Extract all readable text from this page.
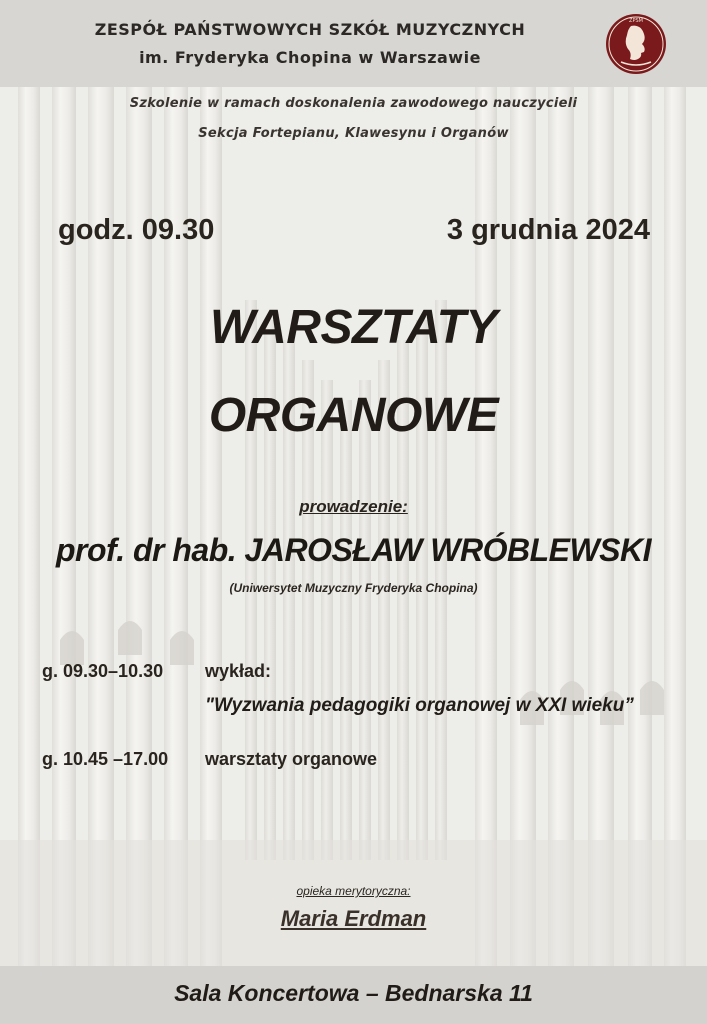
ZESPÓŁ PAŃSTWOWYCH SZKÓŁ MUZYCZNYCH
im. Fryderyka Chopina w Warszawie
ZPSM
Szkolenie w ramach doskonalenia zawodowego nauczycieli
Sekcja Fortepianu, Klawesynu i Organów
godz. 09.30	3 grudnia 2024
WARSZTATY
ORGANOWE
prowadzenie:
prof. dr hab. JAROSŁAW WRÓBLEWSKI
(Uniwersytet Muzyczny Fryderyka Chopina)
g. 09.30–10.30 wykład:
"Wyzwania pedagogiki organowej w XXI wieku”
g. 10.45 –17.00 warsztaty organowe
opieka merytoryczna:
Maria Erdman
Sala Koncertowa – Bednarska 11
